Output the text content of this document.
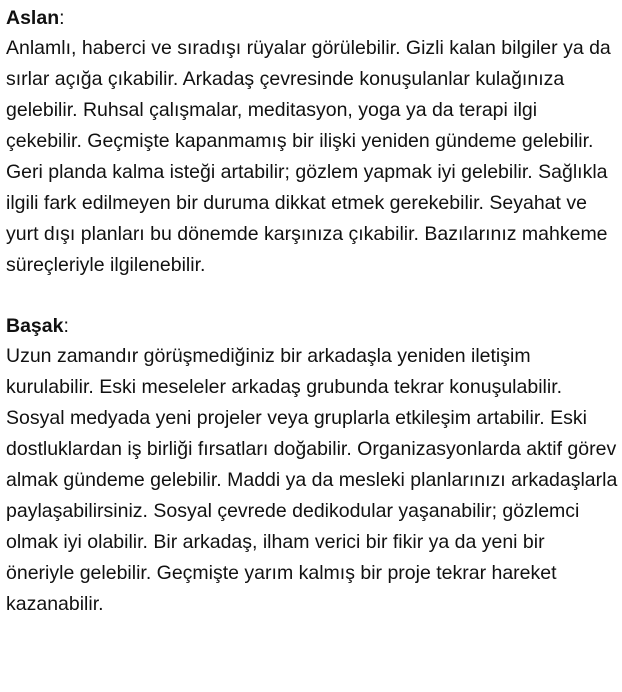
Aslan:

Anlamlı, haberci ve sıradışı rüyalar görülebilir. Gizli kalan bilgiler ya da sırlar açığa çıkabilir. Arkadaş çevresinde konuşulanlar kulağınıza gelebilir. Ruhsal çalışmalar, meditasyon, yoga ya da terapi ilgi çekebilir. Geçmişte kapanmamış bir ilişki yeniden gündeme gelebilir. Geri planda kalma isteği artabilir; gözlem yapmak iyi gelebilir. Sağlıkla ilgili fark edilmeyen bir duruma dikkat etmek gerekebilir. Seyahat ve yurt dışı planları bu dönemde karşınıza çıkabilir. Bazılarınız mahkeme süreçleriyle ilgilenebilir.

Başak:

Uzun zamandır görüşmediğiniz bir arkadaşla yeniden iletişim kurulabilir. Eski meseleler arkadaş grubunda tekrar konuşulabilir. Sosyal medyada yeni projeler veya gruplarla etkileşim artabilir. Eski dostluklardan iş birliği fırsatları doğabilir. Organizasyonlarda aktif görev almak gündeme gelebilir. Maddi ya da mesleki planlarınızı arkadaşlarla paylaşabilirsiniz. Sosyal çevrede dedikodular yaşanabilir; gözlemci olmak iyi olabilir. Bir arkadaş, ilham verici bir fikir ya da yeni bir öneriyle gelebilir. Geçmişte yarım kalmış bir proje tekrar hareket kazanabilir.
